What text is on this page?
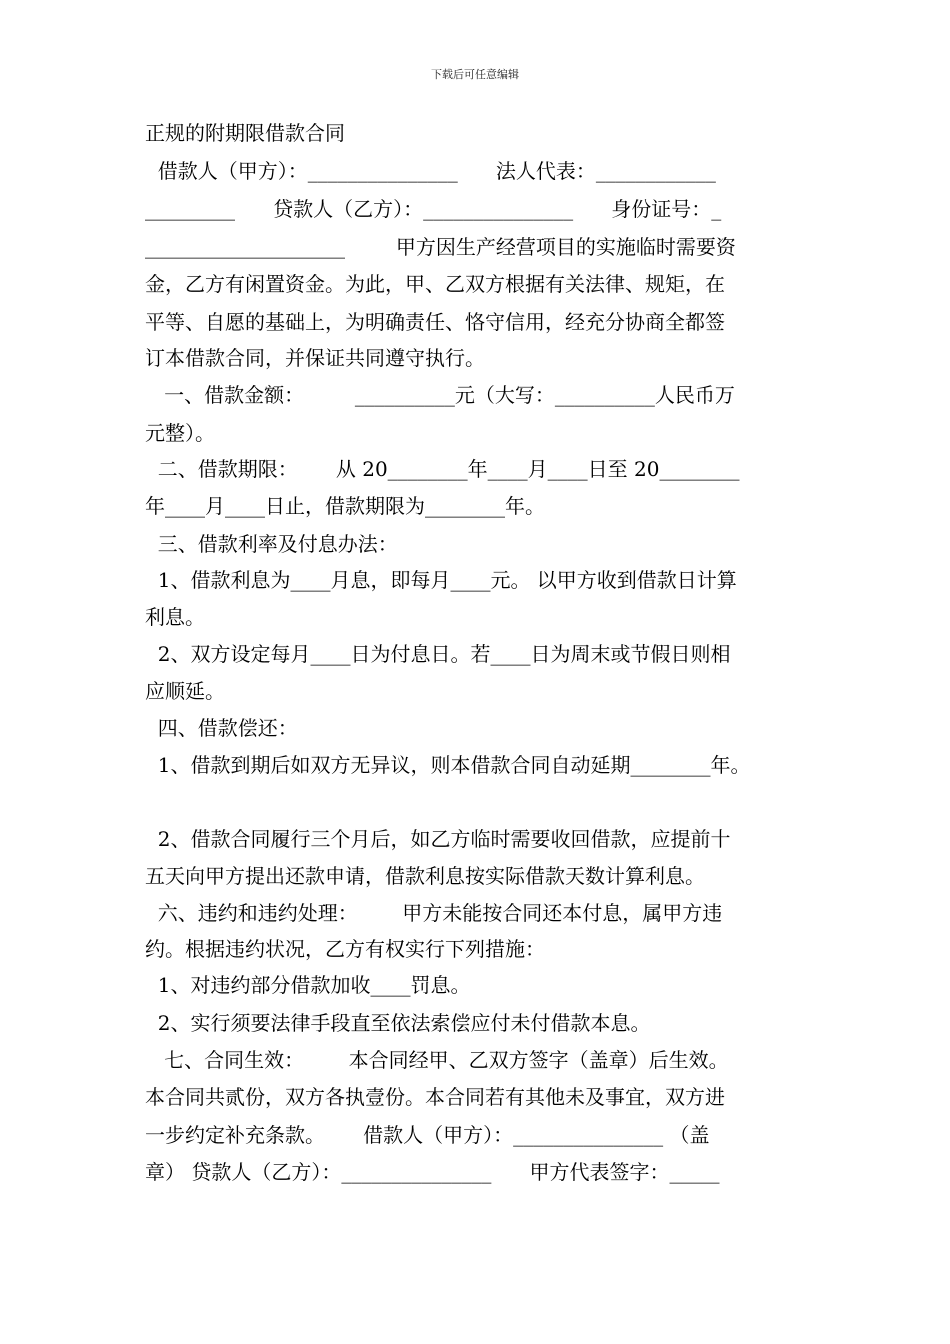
下载后可任意编辑
正规的附期限借款合同
借款人（甲方）：_______________      法人代表：____________
_________      贷款人（乙方）：_______________      身份证号：_
____________________        甲方因生产经营项目的实施临时需要资
金，乙方有闲置资金。为此，甲、乙双方根据有关法律、规矩，在
平等、自愿的基础上，为明确责任、恪守信用，经充分协商全都签
订本借款合同，并保证共同遵守执行。
一、借款金额：        __________元（大写：__________人民币万
元整）。
二、借款期限：      从 20________年____月____日至 20________
年____月____日止，借款期限为________年。
三、借款利率及付息办法：
1、借款利息为____月息，即每月____元。 以甲方收到借款日计算
利息。
2、双方设定每月____日为付息日。若____日为周末或节假日则相
应顺延。
四、借款偿还：
1、借款到期后如双方无异议，则本借款合同自动延期________年。
2、借款合同履行三个月后，如乙方临时需要收回借款，应提前十
五天向甲方提出还款申请，借款利息按实际借款天数计算利息。
六、违约和违约处理：       甲方未能按合同还本付息，属甲方违
约。根据违约状况，乙方有权实行下列措施：
1、对违约部分借款加收____罚息。
2、实行须要法律手段直至依法索偿应付未付借款本息。
七、合同生效：       本合同经甲、乙双方签字（盖章）后生效。
本合同共贰份，双方各执壹份。本合同若有其他未及事宜，双方进
一步约定补充条款。      借款人（甲方）：_______________ （盖
章） 贷款人（乙方）：_______________      甲方代表签字：_____
